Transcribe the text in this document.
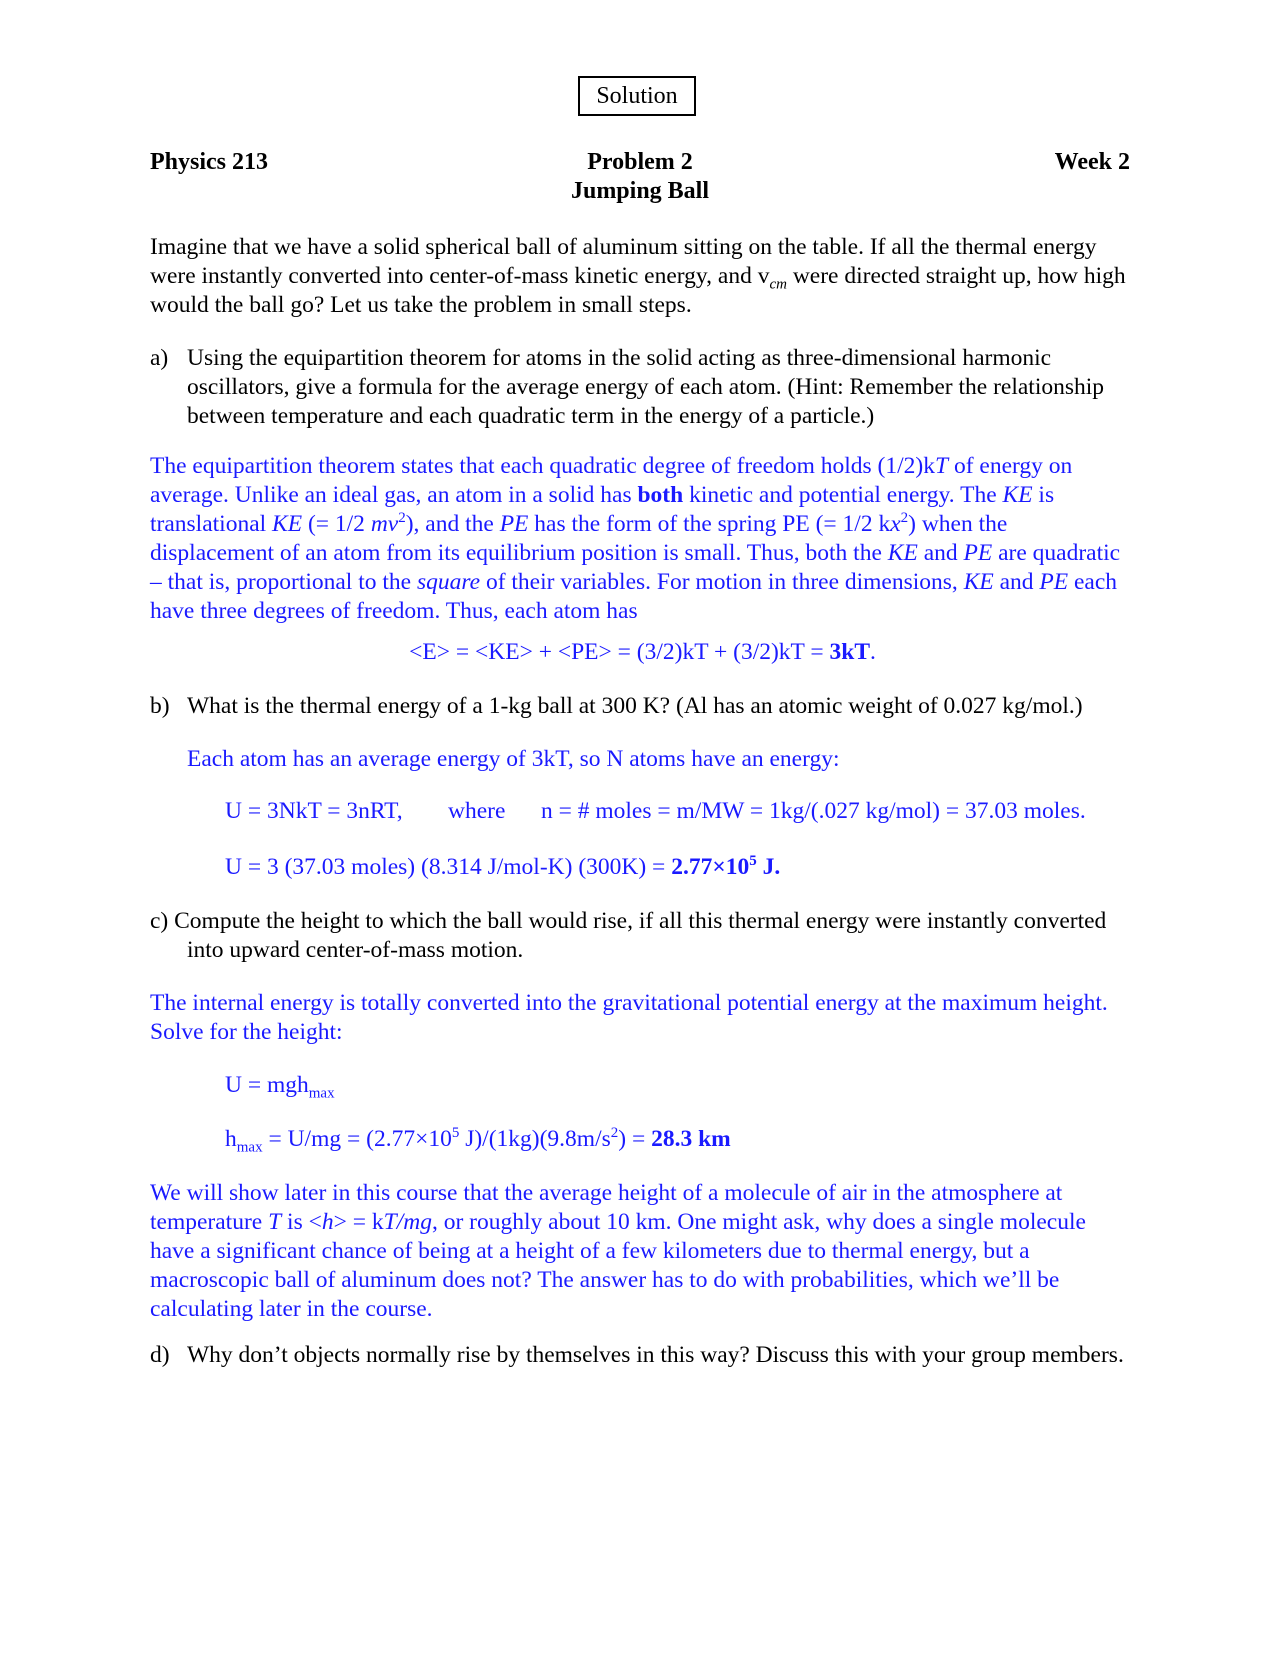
Solution
Physics 213	Problem 2
Jumping Ball
Week 2

Imagine that we have a solid spherical ball of aluminum sitting on the table. If all the thermal energy were instantly converted into center-of-mass kinetic energy, and $v_{cm}$ were directed straight up, how high would the ball go? Let us take the problem in small steps.

a) Using the equipartition theorem for atoms in the solid acting as three-dimensional harmonic oscillators, give a formula for the average energy of each atom. (Hint: Remember the relationship between temperature and each quadratic term in the energy of a particle.)

The equipartition theorem states that each quadratic degree of freedom holds (1/2)kT of energy on average. Unlike an ideal gas, an atom in a solid has both kinetic and potential energy. The KE is translational KE (= 1/2 $mv^2$), and the PE has the form of the spring PE (= 1/2 $kx^2$) when the displacement of an atom from its equilibrium position is small. Thus, both the KE and PE are quadratic – that is, proportional to the square of their variables. For motion in three dimensions, KE and PE each have three degrees of freedom. Thus, each atom has

<E> = <KE> + <PE> = (3/2)kT + (3/2)kT = 3kT.
b) What is the thermal energy of a 1-kg ball at 300 K? (Al has an atomic weight of 0.027 kg/mol.)
Each atom has an average energy of 3kT, so N atoms have an energy:
U = 3NkT = 3nRT, where n = # moles = m/MW = 1kg/(.027 kg/mol) = 37.03 moles.
U = 3 (37.03 moles) (8.314 J/mol-K) $(300K) = 2.77\times 10^5$ J.

c) Compute the height to which the ball would rise, if all this thermal energy were instantly converted into upward center-of-mass motion.

The internal energy is totally converted into the gravitational potential energy at the maximum height. Solve for the height:

U = mgh$_{max}$
$h_{max} = U/mg = (2.77\times 10^5$ $J)/(1kg)(9.8m/s^2) = 28.3$ km

We will show later in this course that the average height of a molecule of air in the atmosphere at temperature T is <h> = kT/mg, or roughly about 10 km. One might ask, why does a single molecule have a significant chance of being at a height of a few kilometers due to thermal energy, but a macroscopic ball of aluminum does not? The answer has to do with probabilities, which we’ll be calculating later in the course.

d) Why don’t objects normally rise by themselves in this way? Discuss this with your group members.
